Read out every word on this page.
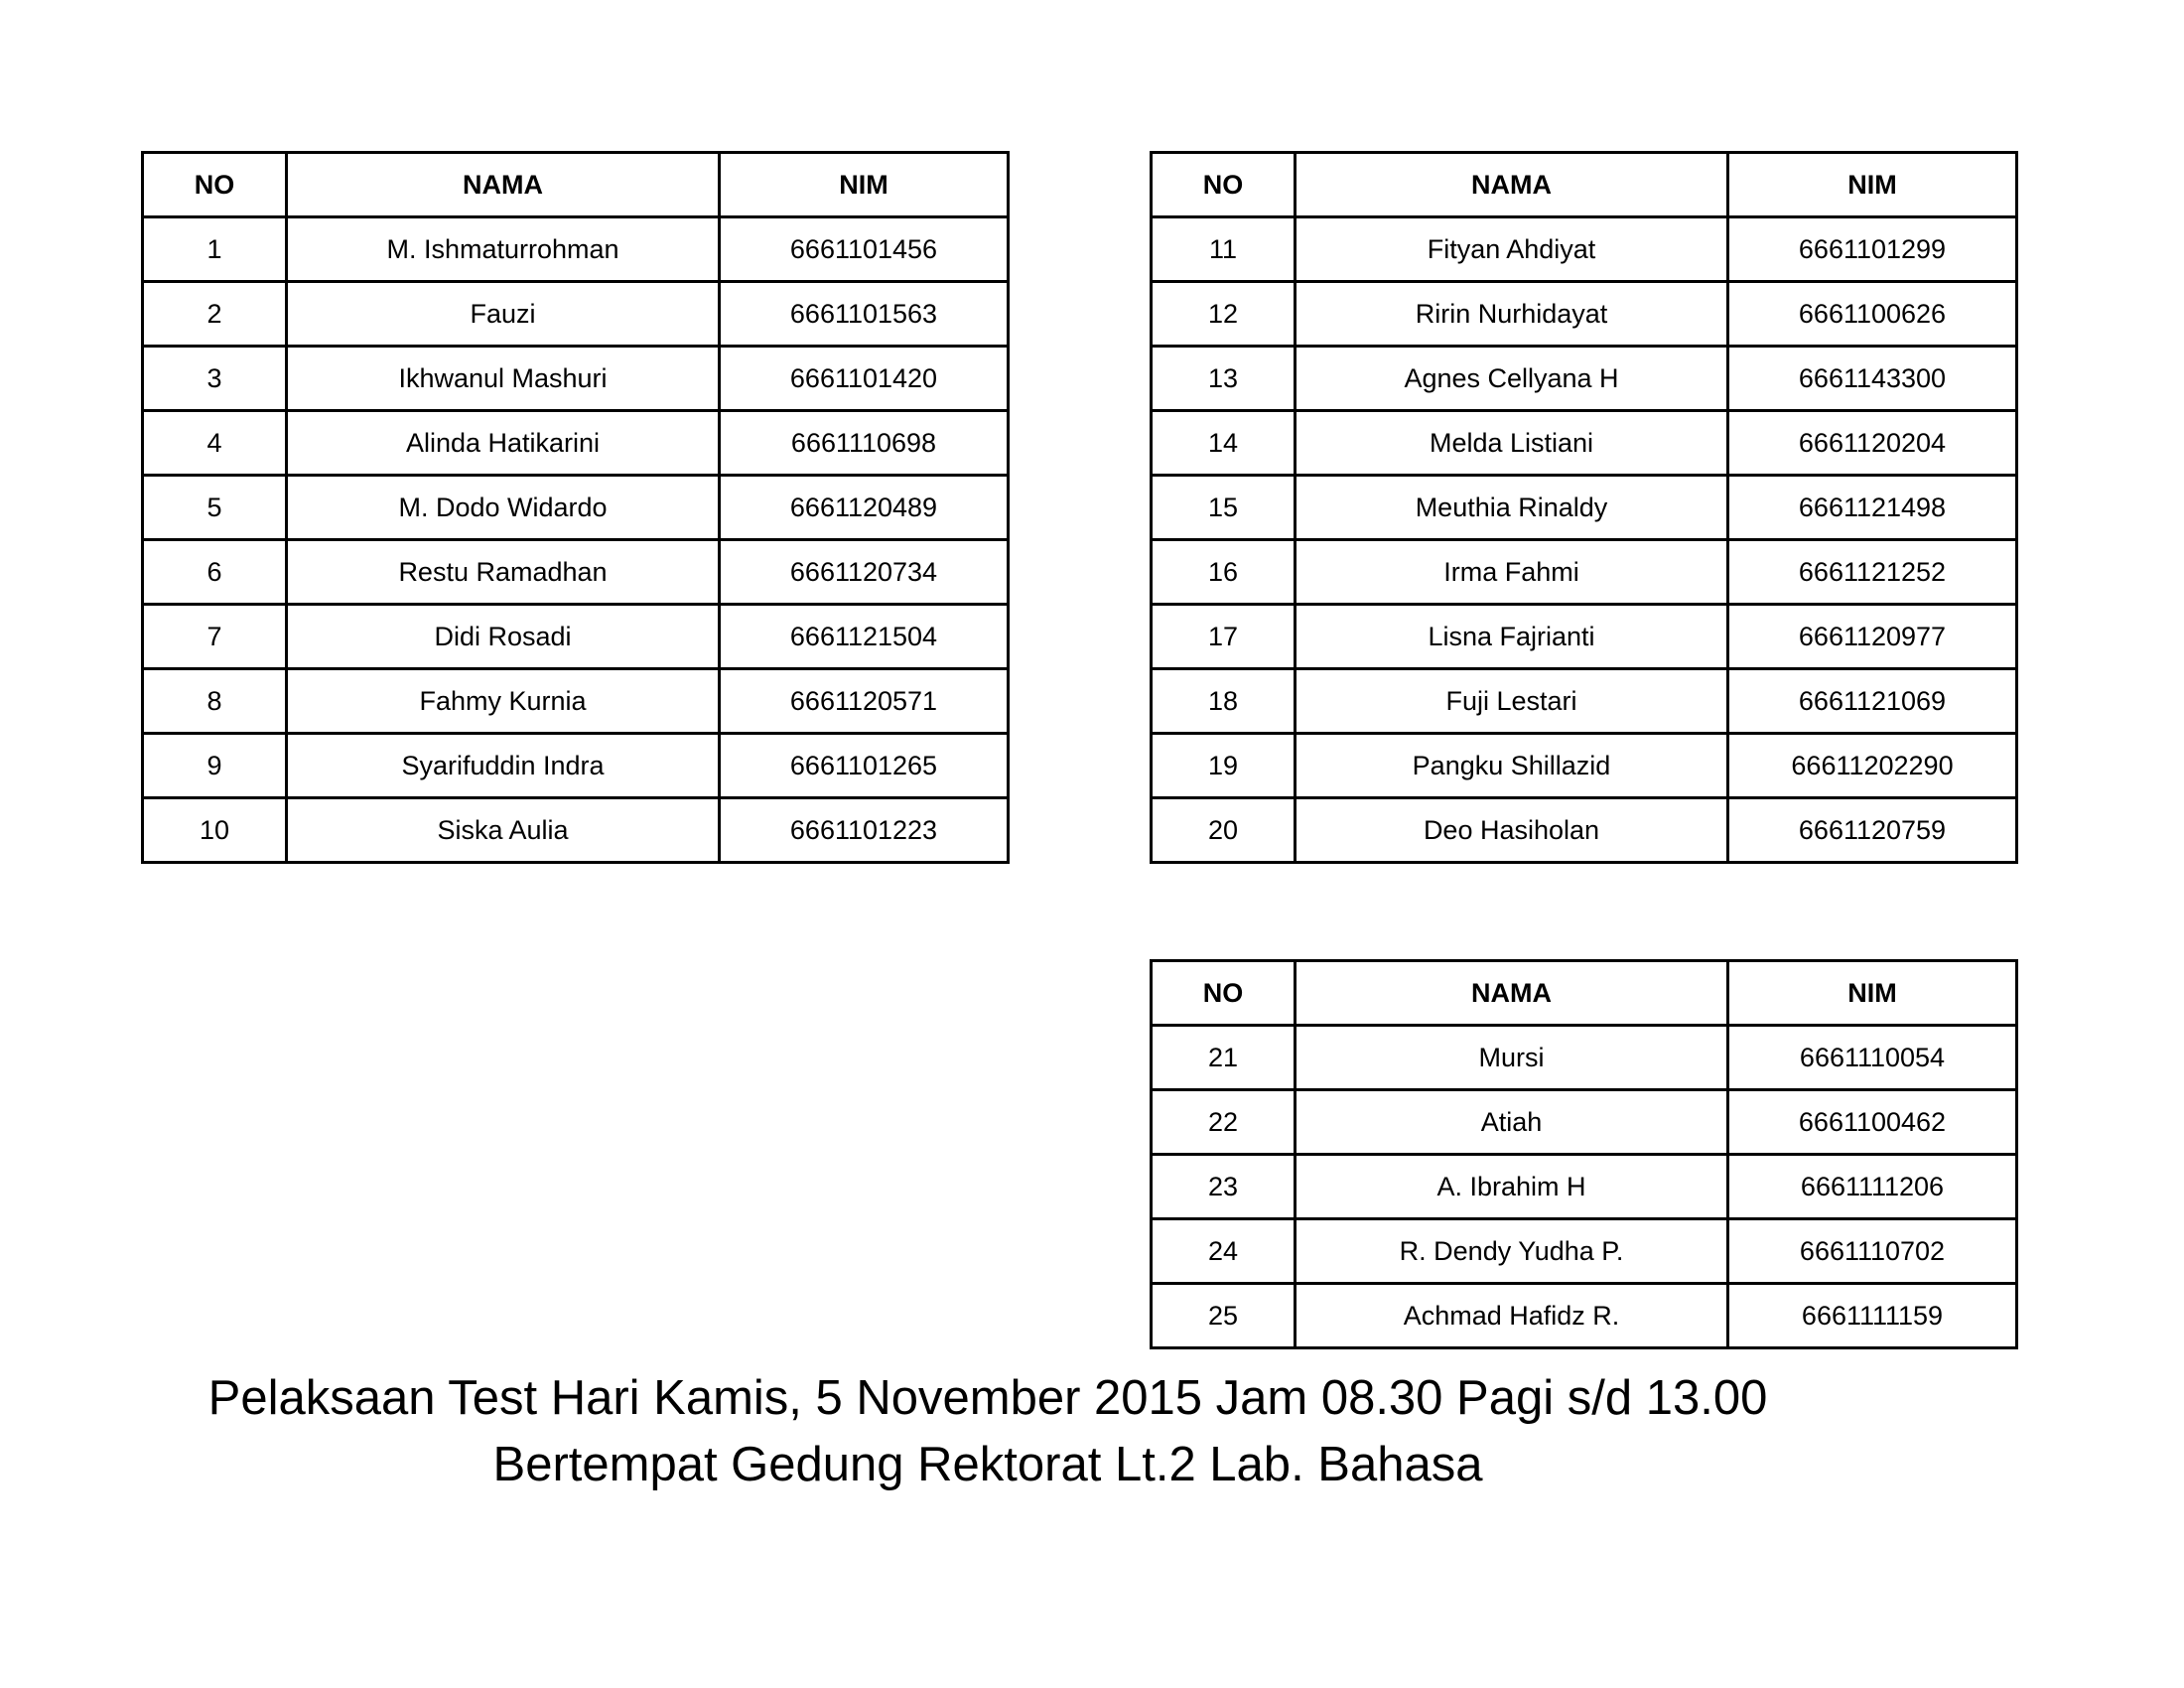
NO	NAMA	NIM
1	M. Ishmaturrohman	6661101456
2	Fauzi	6661101563
3	Ikhwanul Mashuri	6661101420
4	Alinda Hatikarini	6661110698
5	M. Dodo Widardo	6661120489
6	Restu Ramadhan	6661120734
7	Didi Rosadi	6661121504
8	Fahmy Kurnia	6661120571
9	Syarifuddin Indra	6661101265
10	Siska Aulia	6661101223
NO	NAMA	NIM
11	Fityan Ahdiyat	6661101299
12	Ririn Nurhidayat	6661100626
13	Agnes Cellyana H	6661143300
14	Melda Listiani	6661120204
15	Meuthia Rinaldy	6661121498
16	Irma Fahmi	6661121252
17	Lisna Fajrianti	6661120977
18	Fuji Lestari	6661121069
19	Pangku Shillazid	66611202290
20	Deo Hasiholan	6661120759
NO	NAMA	NIM
21	Mursi	6661110054
22	Atiah	6661100462
23	A. Ibrahim H	6661111206
24	R. Dendy Yudha P.	6661110702
25	Achmad Hafidz R.	6661111159
Pelaksaan Test Hari Kamis, 5 November 2015 Jam 08.30 Pagi s/d 13.00
Bertempat Gedung Rektorat Lt.2 Lab. Bahasa
